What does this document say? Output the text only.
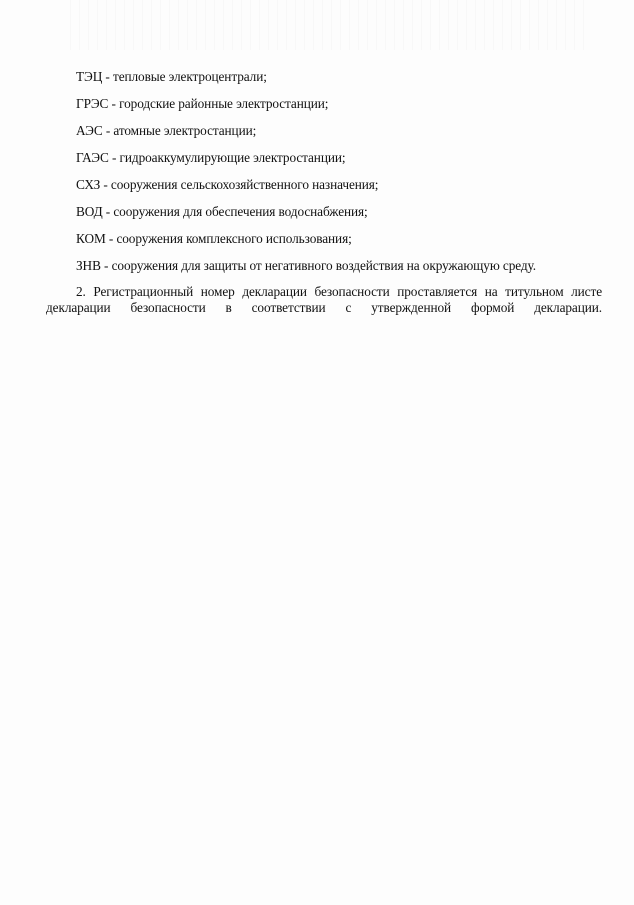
ТЭЦ - тепловые электроцентрали;
ГРЭС - городские районные электростанции;
АЭС - атомные электростанции;
ГАЭС - гидроаккумулирующие электростанции;
СХЗ - сооружения сельскохозяйственного назначения;
ВОД - сооружения для обеспечения водоснабжения;
КОМ - сооружения комплексного использования;
ЗНВ - сооружения для защиты от негативного воздействия на окружающую среду.

2. Регистрационный номер декларации безопасности проставляется на титульном листе декларации безопасности в соответствии с утвержденной формой декларации.
